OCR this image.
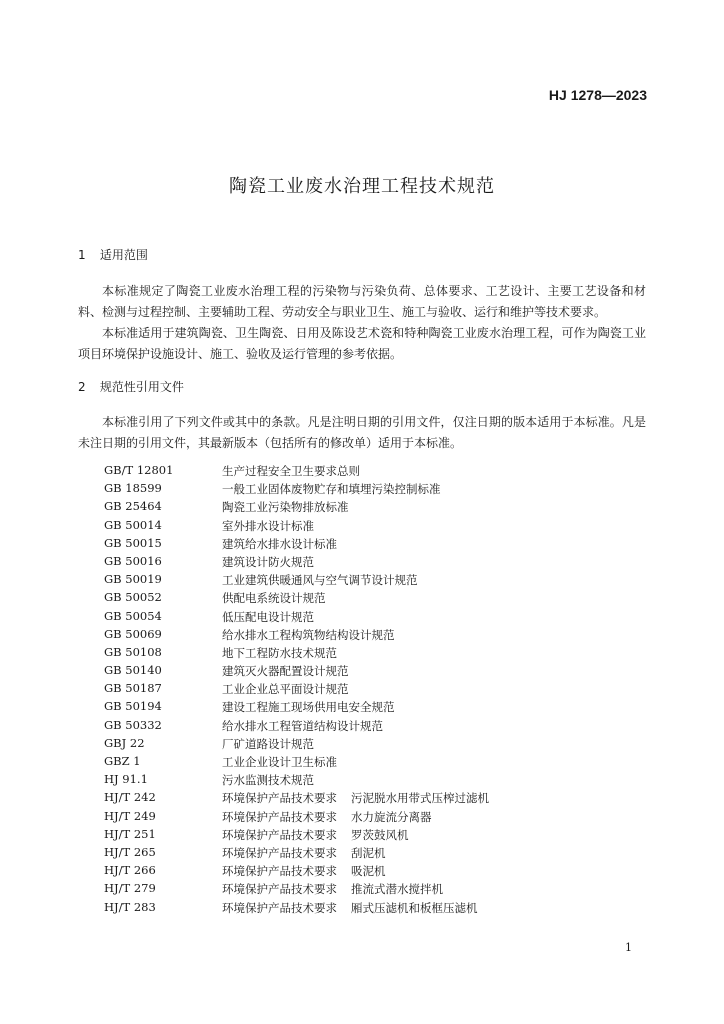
HJ 1278—2023
陶瓷工业废水治理工程技术规范
1 适用范围

本标准规定了陶瓷工业废水治理工程的污染物与污染负荷、总体要求、工艺设计、主要工艺设备和材料、检测与过程控制、主要辅助工程、劳动安全与职业卫生、施工与验收、运行和维护等技术要求。

本标准适用于建筑陶瓷、卫生陶瓷、日用及陈设艺术瓷和特种陶瓷工业废水治理工程，可作为陶瓷工业项目环境保护设施设计、施工、验收及运行管理的参考依据。

2 规范性引用文件

本标准引用了下列文件或其中的条款。凡是注明日期的引用文件，仅注日期的版本适用于本标准。凡是未注日期的引用文件，其最新版本（包括所有的修改单）适用于本标准。

GB/T 12801	生产过程安全卫生要求总则
GB 18599	一般工业固体废物贮存和填埋污染控制标准
GB 25464	陶瓷工业污染物排放标准
GB 50014	室外排水设计标准
GB 50015	建筑给水排水设计标准
GB 50016	建筑设计防火规范
GB 50019	工业建筑供暖通风与空气调节设计规范
GB 50052	供配电系统设计规范
GB 50054	低压配电设计规范
GB 50069	给水排水工程构筑物结构设计规范
GB 50108	地下工程防水技术规范
GB 50140	建筑灭火器配置设计规范
GB 50187	工业企业总平面设计规范
GB 50194	建设工程施工现场供用电安全规范
GB 50332	给水排水工程管道结构设计规范
GBJ 22	厂矿道路设计规范
GBZ 1	工业企业设计卫生标准
HJ 91.1	污水监测技术规范
HJ/T 242	环境保护产品技术要求 污泥脱水用带式压榨过滤机
HJ/T 249	环境保护产品技术要求 水力旋流分离器
HJ/T 251	环境保护产品技术要求 罗茨鼓风机
HJ/T 265	环境保护产品技术要求 刮泥机
HJ/T 266	环境保护产品技术要求 吸泥机
HJ/T 279	环境保护产品技术要求 推流式潜水搅拌机
HJ/T 283	环境保护产品技术要求 厢式压滤机和板框压滤机
1
